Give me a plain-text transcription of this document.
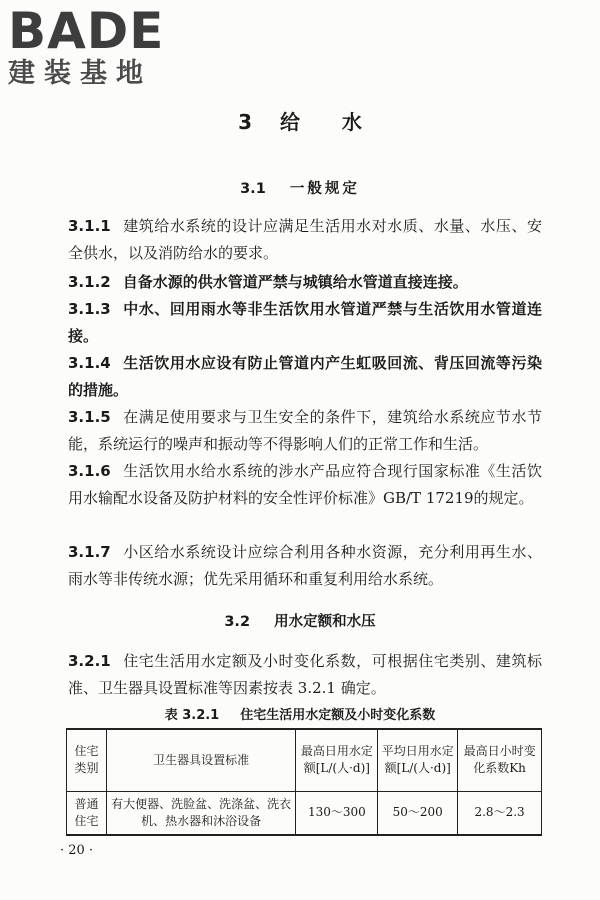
BADE
建装基地
3 给 水
3.1 一般规定
3.1.1 建筑给水系统的设计应满足生活用水对水质、水量、水压、安全供水，以及消防给水的要求。
3.1.2 自备水源的供水管道严禁与城镇给水管道直接连接。
3.1.3 中水、回用雨水等非生活饮用水管道严禁与生活饮用水管道连接。
3.1.4 生活饮用水应设有防止管道内产生虹吸回流、背压回流等污染的措施。
3.1.5 在满足使用要求与卫生安全的条件下，建筑给水系统应节水节能，系统运行的噪声和振动等不得影响人们的正常工作和生活。
3.1.6 生活饮用水给水系统的涉水产品应符合现行国家标准《生活饮用水输配水设备及防护材料的安全性评价标准》GB/T 17219的规定。
3.1.7 小区给水系统设计应综合利用各种水资源，充分利用再生水、雨水等非传统水源；优先采用循环和重复利用给水系统。
3.2 用水定额和水压
3.2.1 住宅生活用水定额及小时变化系数，可根据住宅类别、建筑标准、卫生器具设置标准等因素按表 3.2.1 确定。
表 3.2.1 住宅生活用水定额及小时变化系数
住宅类别	卫生器具设置标准	最高日用水定额[L/(人·d)]	平均日用水定额[L/(人·d)]	最高日小时变化系数Kh
普通住宅	有大便器、洗脸盆、洗涤盆、洗衣机、热水器和沐浴设备	130～300	50～200	2.8～2.3
· 20 ·
